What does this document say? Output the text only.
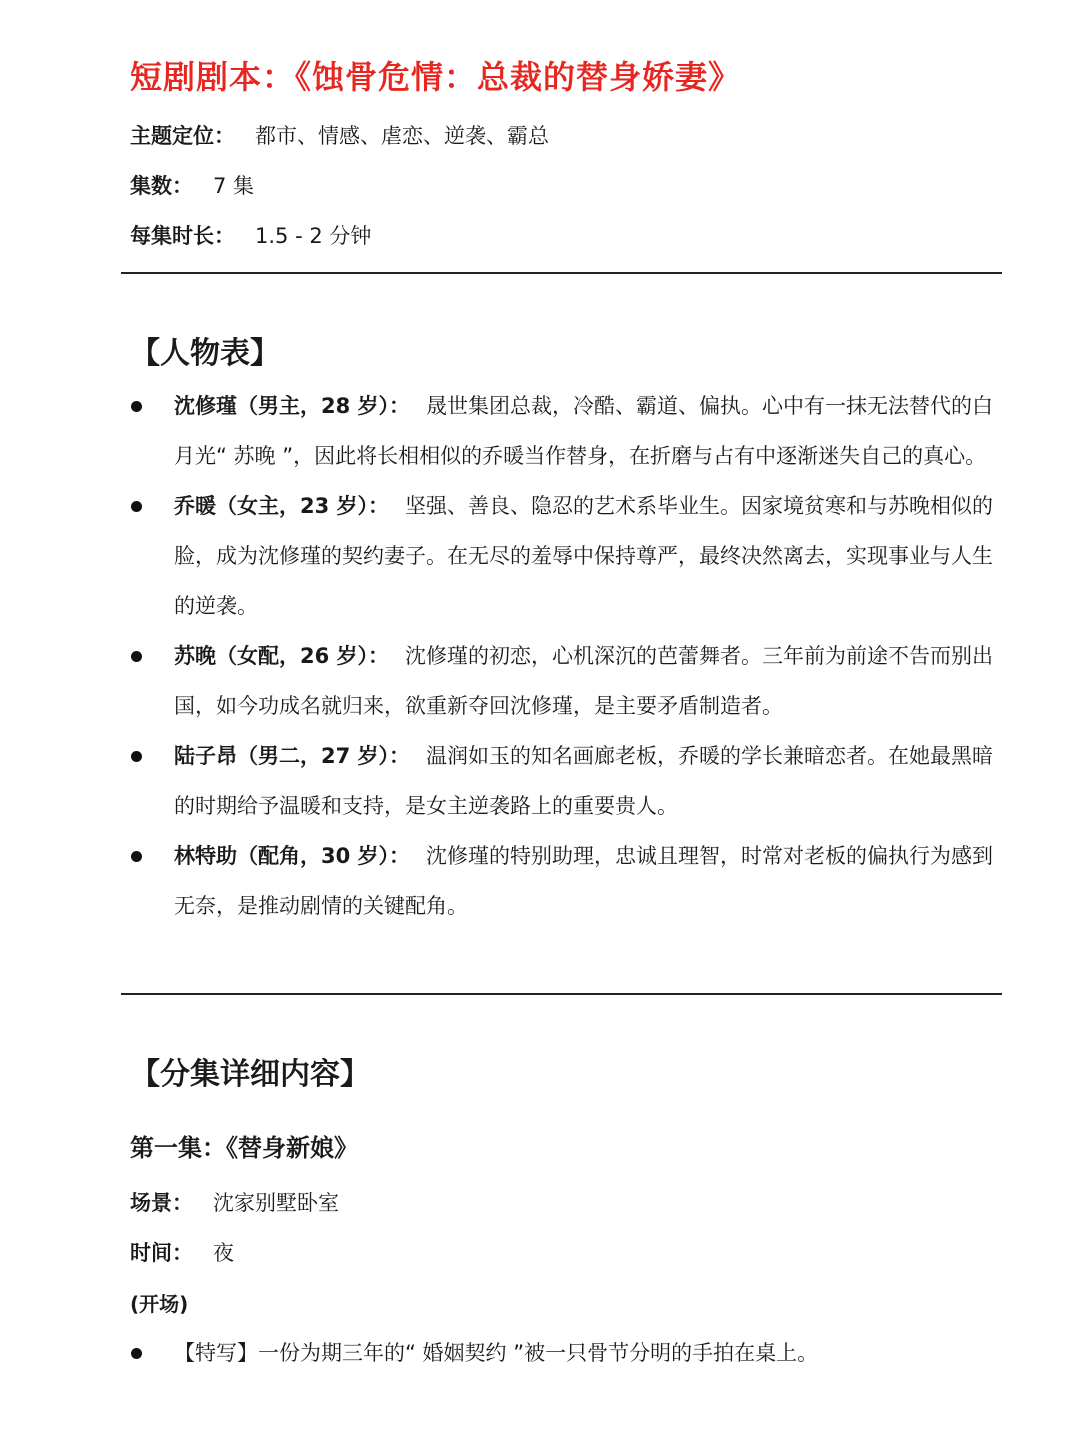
短剧剧本：《蚀骨危情：总裁的替身娇妻》
主题定位： 都市、情感、虐恋、逆袭、霸总
集数： 7 集
每集时长： 1.5 - 2 分钟
【人物表】
沈修瑾（男主，28 岁）： 晟世集团总裁，冷酷、霸道、偏执。心中有一抹无法替代的白月光“ 苏晚 ”，因此将长相相似的乔暖当作替身，在折磨与占有中逐渐迷失自己的真心。
乔暖（女主，23 岁）： 坚强、善良、隐忍的艺术系毕业生。因家境贫寒和与苏晚相似的脸，成为沈修瑾的契约妻子。在无尽的羞辱中保持尊严，最终决然离去，实现事业与人生的逆袭。
苏晚（女配，26 岁）： 沈修瑾的初恋，心机深沉的芭蕾舞者。三年前为前途不告而别出国，如今功成名就归来，欲重新夺回沈修瑾，是主要矛盾制造者。
陆子昂（男二，27 岁）： 温润如玉的知名画廊老板，乔暖的学长兼暗恋者。在她最黑暗的时期给予温暖和支持，是女主逆袭路上的重要贵人。
林特助（配角，30 岁）： 沈修瑾的特别助理，忠诚且理智，时常对老板的偏执行为感到无奈，是推动剧情的关键配角。
【分集详细内容】
第一集：《替身新娘》
场景： 沈家别墅卧室
时间： 夜
(开场)
【特写】一份为期三年的“ 婚姻契约 ”被一只骨节分明的手拍在桌上。
